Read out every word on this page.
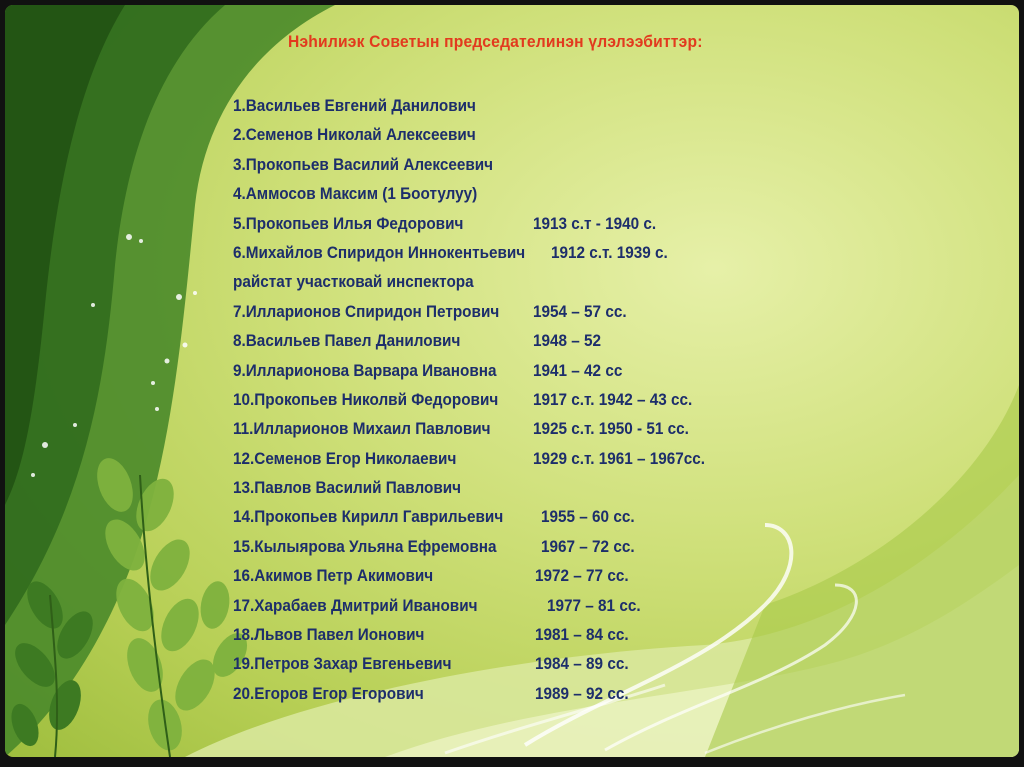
Нэһилиэк Советын председателинэн үлэлээбиттэр:
1.Васильев Евгений Данилович
2.Семенов Николай Алексеевич
3.Прокопьев Василий Алексеевич
4.Аммосов Максим (1 Боотулуу)
5.Прокопьев Илья Федорович	1913 с.т - 1940 с.
6.Михайлов Спиридон Иннокентьевич 1912 с.т. 1939 с.
райстат участковай инспектора
7.Илларионов Спиридон Петрович 1954 – 57 сс.
8.Васильев Павел Данилович	1948 – 52
9.Илларионова Варвара Ивановна 1941 – 42 сс
10.Прокопьев Николвй Федорович 1917 с.т. 1942 – 43 сс.
11.Илларионов Михаил Павлович 1925 с.т. 1950 - 51 сс.
12.Семенов Егор Николаевич	1929 с.т. 1961 – 1967сс.
13.Павлов Василий Павлович
14.Прокопьев Кирилл Гаврильевич 1955 – 60 сс.
15.Кылыярова Ульяна Ефремовна	1967 – 72 сс.
16.Акимов Петр Акимович	1972 – 77 сс.
17.Харабаев Дмитрий Иванович	1977 – 81 сс.
18.Львов Павел Ионович	1981 – 84 сс.
19.Петров Захар Евгеньевич	1984 – 89 сс.
20.Егоров Егор Егорович	1989 – 92 сс.
